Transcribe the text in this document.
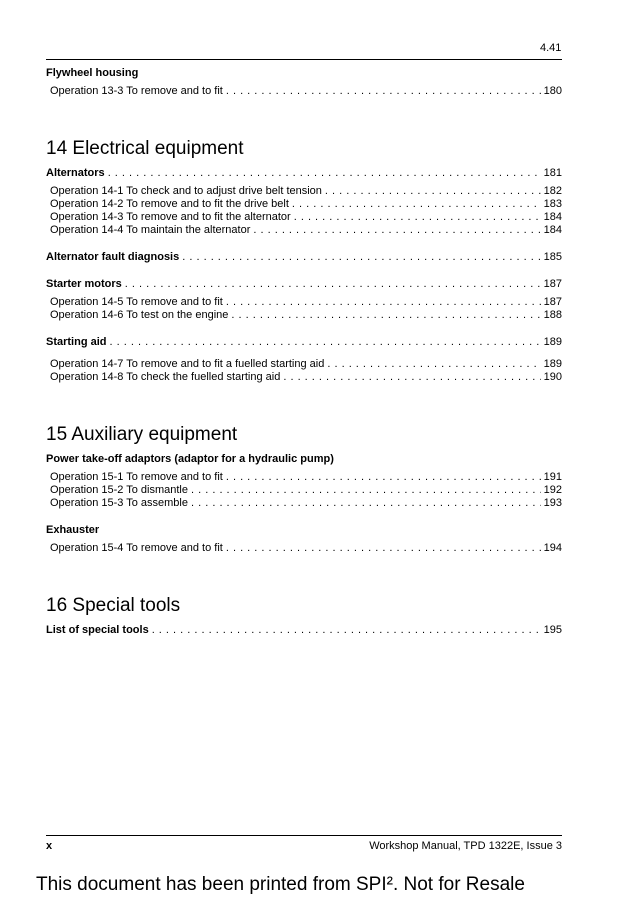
4.41
Flywheel housing
Operation 13-3 To remove and to fit . . .	180
14 Electrical equipment
Alternators . . .	181
Operation 14-1 To check and to adjust drive belt tension . . .	182
Operation 14-2 To remove and to fit the drive belt . . .	183
Operation 14-3 To remove and to fit the alternator . . .	184
Operation 14-4 To maintain the alternator . . .	184
Alternator fault diagnosis . . .	185
Starter motors . . .	187
Operation 14-5 To remove and to fit . . .	187
Operation 14-6 To test on the engine . . .	188
Starting aid . . .	189
Operation 14-7 To remove and to fit a fuelled starting aid . . .	189
Operation 14-8 To check the fuelled starting aid . . .	190
15 Auxiliary equipment
Power take-off adaptors (adaptor for a hydraulic pump)
Operation 15-1 To remove and to fit . . .	191
Operation 15-2 To dismantle . . .	192
Operation 15-3 To assemble . . .	193
Exhauster
Operation 15-4 To remove and to fit . . .	194
16 Special tools
List of special tools . . .	195
x	Workshop Manual, TPD 1322E, Issue 3
This document has been printed from SPI². Not for Resale
